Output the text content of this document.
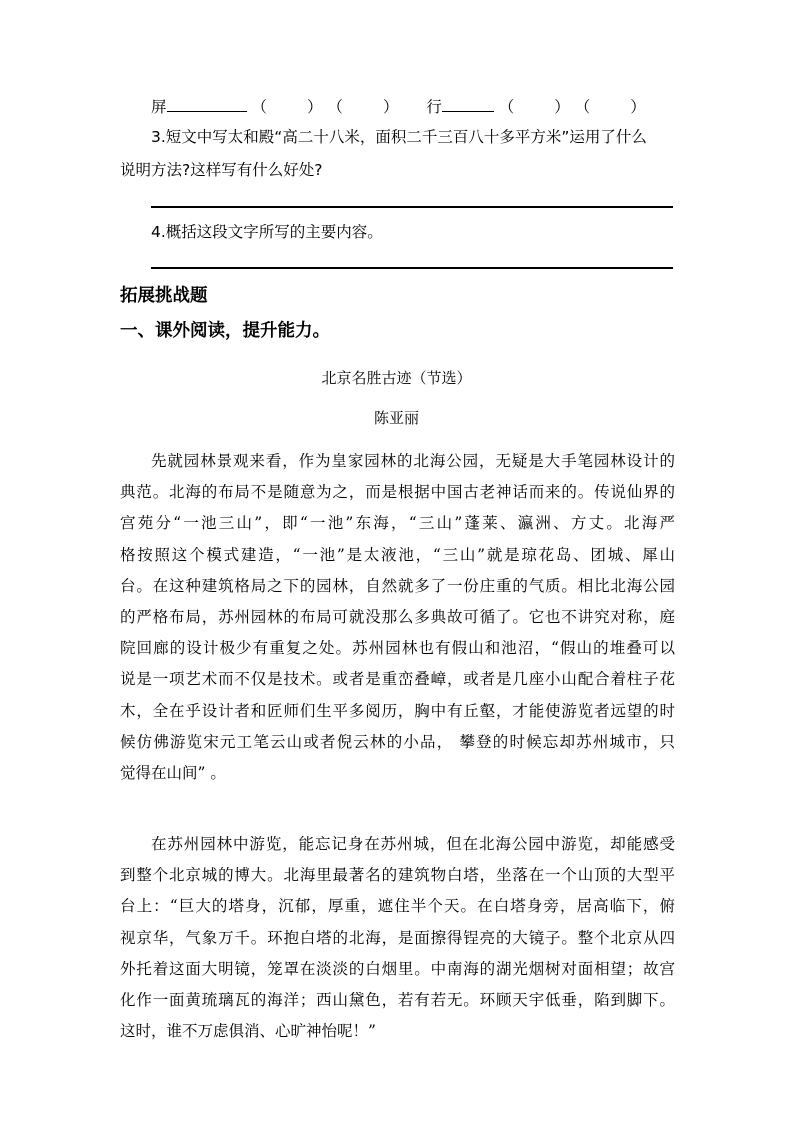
屏	（	） （	） 行	（	） （	）
3.短文中写太和殿“高二十八米，面积二千三百八十多平方米”运用了什么
说明方法?这样写有什么好处?
4.概括这段文字所写的主要内容。
拓展挑战题
一、课外阅读，提升能力。
北京名胜古迹（节选）
陈亚丽
先就园林景观来看，作为皇家园林的北海公园，无疑是大手笔园林设计的
典范。北海的布局不是随意为之，而是根据中国古老神话而来的。传说仙界的
宫苑分“一池三山”，即“一池”东海，“三山”蓬莱、瀛洲、方丈。北海严
格按照这个模式建造，“一池”是太液池，“三山”就是琼花岛、团城、犀山
台。在这种建筑格局之下的园林，自然就多了一份庄重的气质。相比北海公园
的严格布局，苏州园林的布局可就没那么多典故可循了。它也不讲究对称，庭
院回廊的设计极少有重复之处。苏州园林也有假山和池沼，“假山的堆叠可以
说是一项艺术而不仅是技术。或者是重峦叠嶂，或者是几座小山配合着柱子花
木，全在乎设计者和匠师们生平多阅历，胸中有丘壑，才能使游览者远望的时
候仿佛游览宋元工笔云山或者倪云林的小品， 攀登的时候忘却苏州城市，只
觉得在山间” 。
在苏州园林中游览，能忘记身在苏州城，但在北海公园中游览，却能感受
到整个北京城的博大。北海里最著名的建筑物白塔，坐落在一个山顶的大型平
台上：“巨大的塔身，沉郁，厚重，遮住半个天。在白塔身旁，居高临下，俯
视京华，气象万千。环抱白塔的北海，是面擦得锃亮的大镜子。整个北京从四
外托着这面大明镜，笼罩在淡淡的白烟里。中南海的湖光烟树对面相望；故宫
化作一面黄琉璃瓦的海洋；西山黛色，若有若无。环顾天宇低垂，陷到脚下。
这时，谁不万虑俱消、心旷神怡呢！”
